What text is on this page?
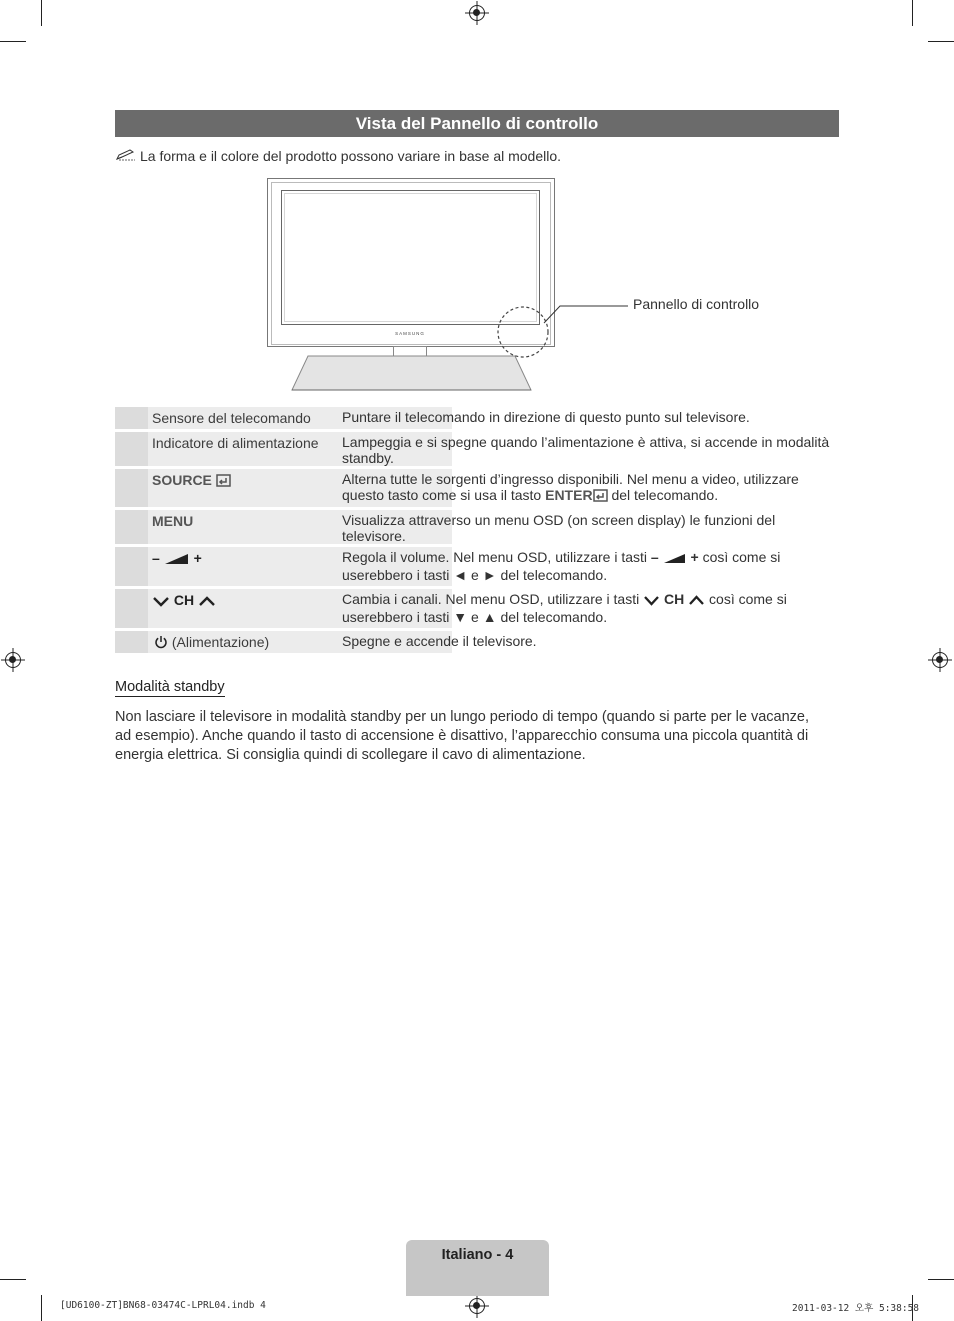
Vista del Pannello di controllo
La forma e il colore del prodotto possono variare in base al modello.
SAMSUNG
Pannello di controllo
Sensore del telecomando	Puntare il telecomando in direzione di questo punto sul televisore.
Indicatore di alimentazione	Lampeggia e si spegne quando l’alimentazione è attiva, si accende in modalità standby.
SOURCE	Alterna tutte le sorgenti d’ingresso disponibili. Nel menu a video, utilizzare questo tasto come si usa il tasto ENTER del telecomando.
MENU	Visualizza attraverso un menu OSD (on screen display) le funzioni del televisore.
– +	Regola il volume. Nel menu OSD, utilizzare i tasti – + così come si userebbero i tasti ◄ e ► del telecomando.
CH	Cambia i canali. Nel menu OSD, utilizzare i tasti CH così come si userebbero i tasti ▼ e ▲ del telecomando.
(Alimentazione)	Spegne e accende il televisore.
Modalità standby
Non lasciare il televisore in modalità standby per un lungo periodo di tempo (quando si parte per le vacanze, ad esempio). Anche quando il tasto di accensione è disattivo, l’apparecchio consuma una piccola quantità di energia elettrica. Si consiglia quindi di scollegare il cavo di alimentazione.
Italiano - 4
[UD6100-ZT]BN68-03474C-LPRL04.indb 4	2011-03-12 오후 5:38:58
